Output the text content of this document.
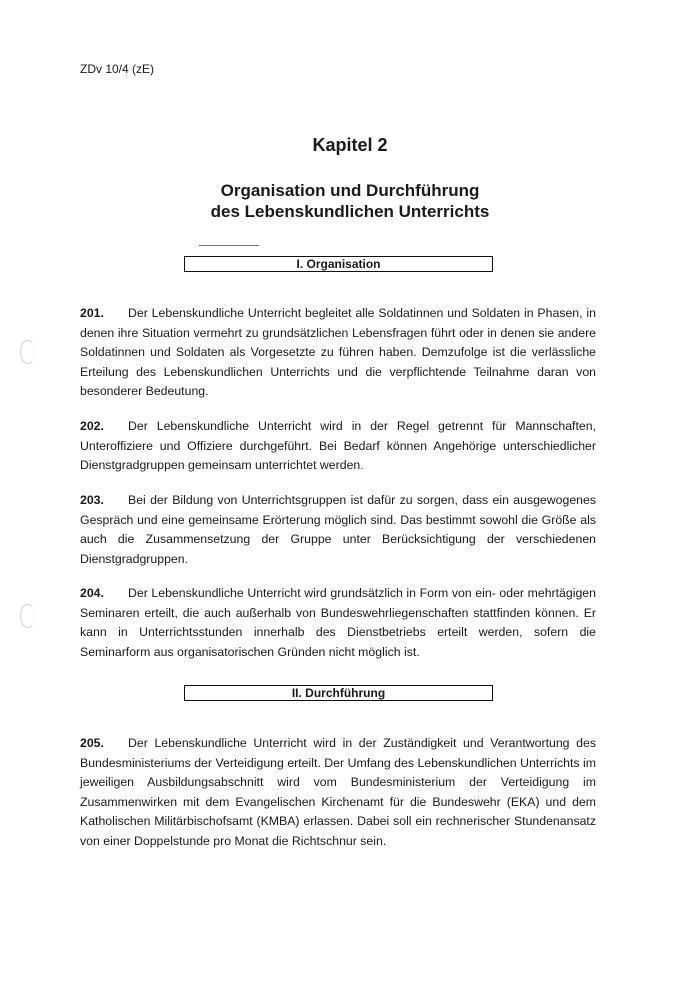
ZDv 10/4 (zE)
Kapitel 2
Organisation und Durchführung
des Lebenskundlichen Unterrichts
I. Organisation
201. Der Lebenskundliche Unterricht begleitet alle Soldatinnen und Soldaten in Phasen, in denen ihre Situation vermehrt zu grundsätzlichen Lebensfragen führt oder in denen sie andere Soldatinnen und Soldaten als Vorgesetzte zu führen haben. Demzufolge ist die verlässliche Erteilung des Lebenskundlichen Unterrichts und die verpflichtende Teilnahme daran von besonderer Bedeutung.
202. Der Lebenskundliche Unterricht wird in der Regel getrennt für Mannschaften, Unteroffiziere und Offiziere durchgeführt. Bei Bedarf können Angehörige unterschiedlicher Dienstgradgruppen gemeinsam unterrichtet werden.
203. Bei der Bildung von Unterrichtsgruppen ist dafür zu sorgen, dass ein ausgewogenes Gespräch und eine gemeinsame Erörterung möglich sind. Das bestimmt sowohl die Größe als auch die Zusammensetzung der Gruppe unter Berücksichtigung der verschiedenen Dienstgradgruppen.
204. Der Lebenskundliche Unterricht wird grundsätzlich in Form von ein- oder mehrtägigen Seminaren erteilt, die auch außerhalb von Bundeswehrliegenschaften stattfinden können. Er kann in Unterrichtsstunden innerhalb des Dienstbetriebs erteilt werden, sofern die Seminarform aus organisatorischen Gründen nicht möglich ist.
II. Durchführung
205. Der Lebenskundliche Unterricht wird in der Zuständigkeit und Verantwortung des Bundesministeriums der Verteidigung erteilt. Der Umfang des Lebenskundlichen Unterrichts im jeweiligen Ausbildungsabschnitt wird vom Bundesministerium der Verteidigung im Zusammenwirken mit dem Evangelischen Kirchenamt für die Bundeswehr (EKA) und dem Katholischen Militärbischofsamt (KMBA) erlassen. Dabei soll ein rechnerischer Stundenansatz von einer Doppelstunde pro Monat die Richtschnur sein.
